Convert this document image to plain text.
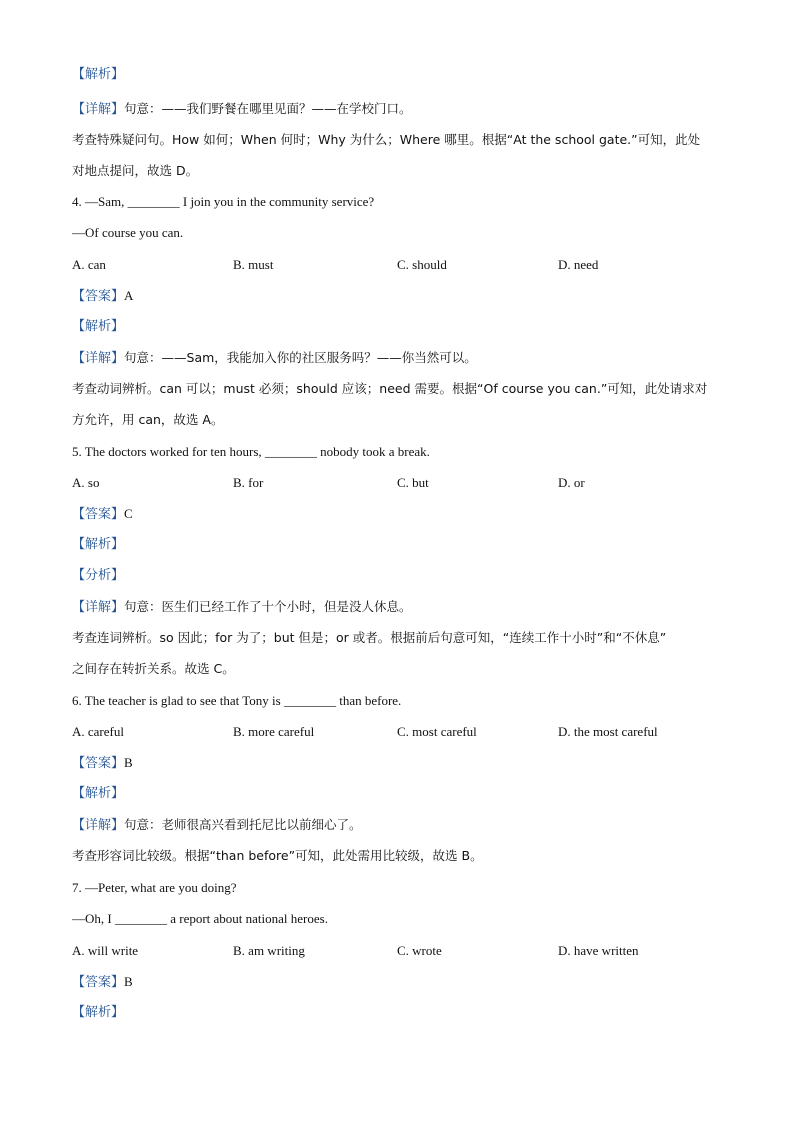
【解析】
【详解】句意：——我们野餐在哪里见面？——在学校门口。
考查特殊疑问句。How 如何；When 何时；Why 为什么；Where 哪里。根据“At the school gate.”可知，此处
对地点提问，故选 D。
4. —Sam, ________ I join you in the community service?
—Of course you can.
A. can	B. must	C. should	D. need
【答案】A
【解析】
【详解】句意：——Sam，我能加入你的社区服务吗？——你当然可以。
考查动词辨析。can 可以；must 必须；should 应该；need 需要。根据“Of course you can.”可知，此处请求对
方允许，用 can，故选 A。
5. The doctors worked for ten hours, ________ nobody took a break.
A. so	B. for	C. but	D. or
【答案】C
【解析】
【分析】
【详解】句意：医生们已经工作了十个小时，但是没人休息。
考查连词辨析。so 因此；for 为了；but 但是；or 或者。根据前后句意可知，“连续工作十小时”和“不休息”
之间存在转折关系。故选 C。
6. The teacher is glad to see that Tony is ________ than before.
A. careful	B. more careful	C. most careful	D. the most careful
【答案】B
【解析】
【详解】句意：老师很高兴看到托尼比以前细心了。
考查形容词比较级。根据“than before”可知，此处需用比较级，故选 B。
7. —Peter, what are you doing?
—Oh, I ________ a report about national heroes.
A. will write	B. am writing	C. wrote	D. have written
【答案】B
【解析】
